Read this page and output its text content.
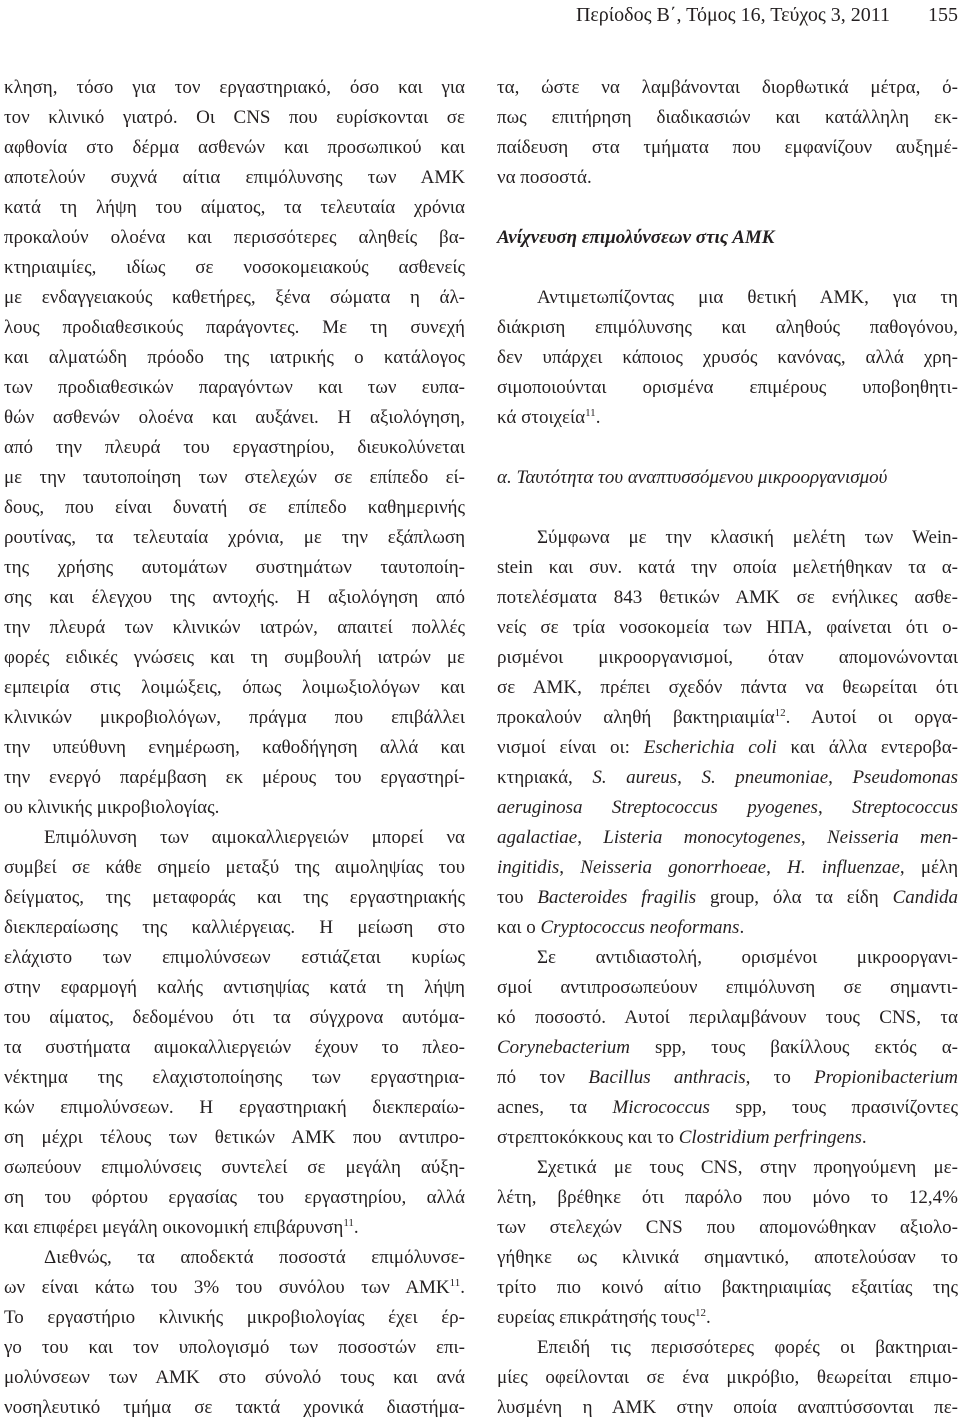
Περίοδος Β΄, Τόμος 16, Τεύχος 3, 2011 155
κληση, τόσο για τον εργαστηριακό, όσο και για
τον κλινικό γιατρό. Οι CNS που ευρίσκονται σε
αφθονία στο δέρμα ασθενών και προσωπικού και
αποτελούν συχνά αίτια επιμόλυνσης των ΑΜΚ
κατά τη λήψη του αίματος, τα τελευταία χρόνια
προκαλούν ολοένα και περισσότερες αληθείς βα-
κτηριαιμίες, ιδίως σε νοσοκομειακούς ασθενείς
με ενδαγγειακούς καθετήρες, ξένα σώματα η άλ-
λους προδιαθεσικούς παράγοντες. Με τη συνεχή
και αλματώδη πρόοδο της ιατρικής ο κατάλογος
των προδιαθεσικών παραγόντων και των ευπα-
θών ασθενών ολοένα και αυξάνει. Η αξιολόγηση,
από την πλευρά του εργαστηρίου, διευκολύνεται
με την ταυτοποίηση των στελεχών σε επίπεδο εί-
δους, που είναι δυνατή σε επίπεδο καθημερινής
ρουτίνας, τα τελευταία χρόνια, με την εξάπλωση
της χρήσης αυτομάτων συστημάτων ταυτοποίη-
σης και έλεγχου της αντοχής. Η αξιολόγηση από
την πλευρά των κλινικών ιατρών, απαιτεί πολλές
φορές ειδικές γνώσεις και τη συμβουλή ιατρών με
εμπειρία στις λοιμώξεις, όπως λοιμωξιολόγων και
κλινικών μικροβιολόγων, πράγμα που επιβάλλει
την υπεύθυνη ενημέρωση, καθοδήγηση αλλά και
την ενεργό παρέμβαση εκ μέρους του εργαστηρί-
ου κλινικής μικροβιολογίας.
Επιμόλυνση των αιμοκαλλιεργειών μπορεί να
συμβεί σε κάθε σημείο μεταξύ της αιμοληψίας του
δείγματος, της μεταφοράς και της εργαστηριακής
διεκπεραίωσης της καλλιέργειας. Η μείωση στο
ελάχιστο των επιμολύνσεων εστιάζεται κυρίως
στην εφαρμογή καλής αντισηψίας κατά τη λήψη
του αίματος, δεδομένου ότι τα σύγχρονα αυτόμα-
τα συστήματα αιμοκαλλιεργειών έχουν το πλεο-
νέκτημα της ελαχιστοποίησης των εργαστηρια-
κών επιμολύνσεων. Η εργαστηριακή διεκπεραίω-
ση μέχρι τέλους των θετικών ΑΜΚ που αντιπρο-
σωπεύουν επιμολύνσεις συντελεί σε μεγάλη αύξη-
ση του φόρτου εργασίας του εργαστηρίου, αλλά
και επιφέρει μεγάλη οικονομική επιβάρυνση$^{11}$.
Διεθνώς, τα αποδεκτά ποσοστά επιμόλυνσε-
ων είναι κάτω του 3% του συνόλου των ΑΜΚ$^{11}$.
Το εργαστήριο κλινικής μικροβιολογίας έχει έρ-
γο του και τον υπολογισμό των ποσοστών επι-
μολύνσεων των ΑΜΚ στο σύνολό τους και ανά
νοσηλευτικό τμήμα σε τακτά χρονικά διαστήμα-
τα, ώστε να λαμβάνονται διορθωτικά μέτρα, ό-
πως επιτήρηση διαδικασιών και κατάλληλη εκ-
παίδευση στα τμήματα που εμφανίζουν αυξημέ-
να ποσοστά.
Ανίχνευση επιμολύνσεων στις ΑΜΚ
Αντιμετωπίζοντας μια θετική ΑΜΚ, για τη
διάκριση επιμόλυνσης και αληθούς παθογόνου,
δεν υπάρχει κάποιος χρυσός κανόνας, αλλά χρη-
σιμοποιούνται ορισμένα επιμέρους υποβοηθητι-
κά στοιχεία$^{11}$.
α. Ταυτότητα του αναπτυσσόμενου μικροοργανισμού
Σύμφωνα με την κλασική μελέτη των Wein-
stein και συν. κατά την οποία μελετήθηκαν τα α-
ποτελέσματα 843 θετικών ΑΜΚ σε ενήλικες ασθε-
νείς σε τρία νοσοκομεία των ΗΠΑ, φαίνεται ότι ο-
ρισμένοι μικροοργανισμοί, όταν απομονώνονται
σε ΑΜΚ, πρέπει σχεδόν πάντα να θεωρείται ότι
προκαλούν αληθή βακτηριαιμία$^{12}$. Αυτοί οι οργα-
νισμοί είναι οι: Escherichia coli και άλλα εντεροβα-
κτηριακά, S. aureus, S. pneumoniae, Pseudomonas
aeruginosa Streptococcus pyogenes, Streptococcus
agalactiae, Listeria monocytogenes, Neisseria men-
ingitidis, Neisseria gonorrhoeae, H. influenzae, μέλη
του Bacteroides fragilis group, όλα τα είδη Candida
και ο Cryptococcus neoformans.
Σε αντιδιαστολή, ορισμένοι μικροοργανι-
σμοί αντιπροσωπεύουν επιμόλυνση σε σημαντι-
κό ποσοστό. Αυτοί περιλαμβάνουν τους CNS, τα
Corynebacterium spp, τους βακίλλους εκτός α-
πό τον Bacillus anthracis, το Propionibacterium
acnes, τα Micrococcus spp, τους πρασινίζοντες
στρεπτοκόκκους και το Clostridium perfringens.
Σχετικά με τους CNS, στην προηγούμενη με-
λέτη, βρέθηκε ότι παρόλο που μόνο το 12,4%
των στελεχών CNS που απομονώθηκαν αξιολο-
γήθηκε ως κλινικά σημαντικό, αποτελούσαν το
τρίτο πιο κοινό αίτιο βακτηριαιμίας εξαιτίας της
ευρείας επικράτησής τους$^{12}$.
Επειδή τις περισσότερες φορές οι βακτηριαι-
μίες οφείλονται σε ένα μικρόβιο, θεωρείται επιμο-
λυσμένη η ΑΜΚ στην οποία αναπτύσσονται πε-
